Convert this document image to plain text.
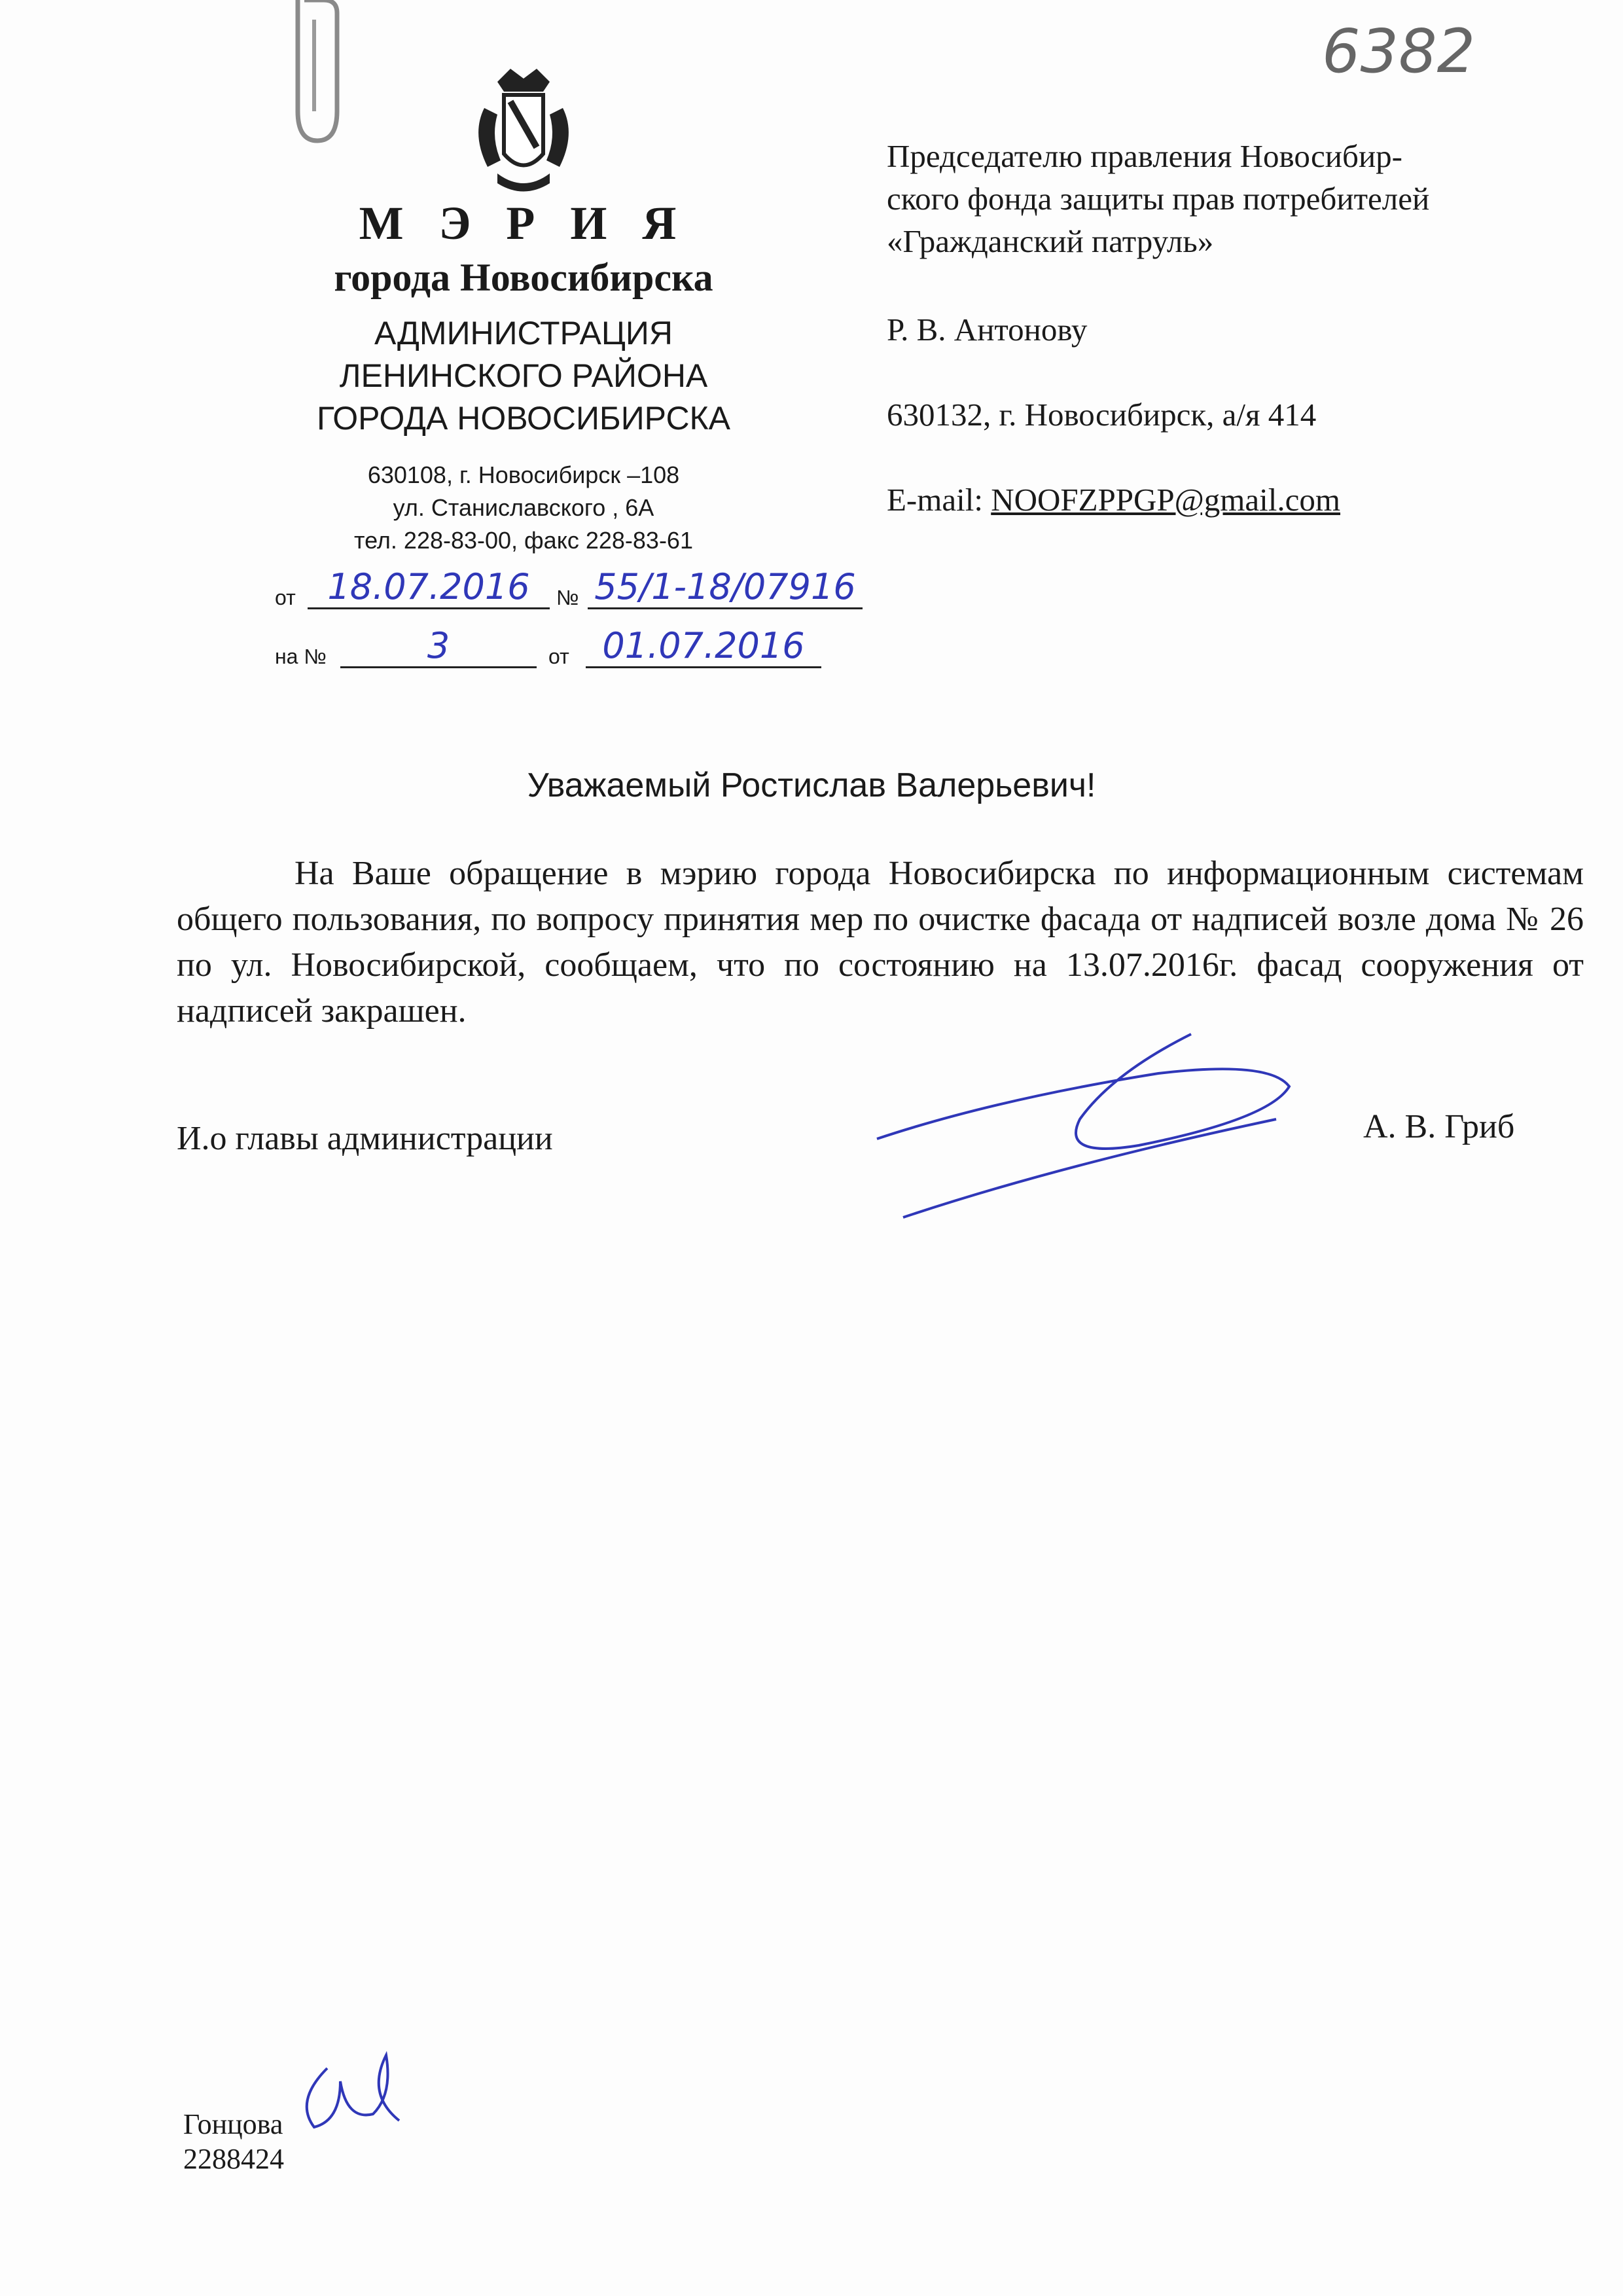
6382
М Э Р И Я
города Новосибирска
АДМИНИСТРАЦИЯ
ЛЕНИНСКОГО РАЙОНА
ГОРОДА НОВОСИБИРСКА
630108, г. Новосибирск –108
ул. Станиславского , 6А
тел. 228-83-00, факс 228-83-61
от 18.07.2016	№ 55/1-18/07916
на №	3	от 01.07.2016
Председателю правления Новосибир-
ского фонда защиты прав потребителей
«Гражданский патруль»
Р. В. Антонову
630132, г. Новосибирск, а/я 414
E-mail: NOOFZPPGP@gmail.com
Уважаемый Ростислав Валерьевич!

На Ваше обращение в мэрию города Новосибирска по информационным системам общего пользования, по вопросу принятия мер по очистке фасада от надписей возле дома № 26 по ул. Новосибирской, сообщаем, что по состоянию на 13.07.2016г. фасад сооружения от надписей закрашен.

И.о главы администрации	А. В. Гриб
Гонцова
2288424
